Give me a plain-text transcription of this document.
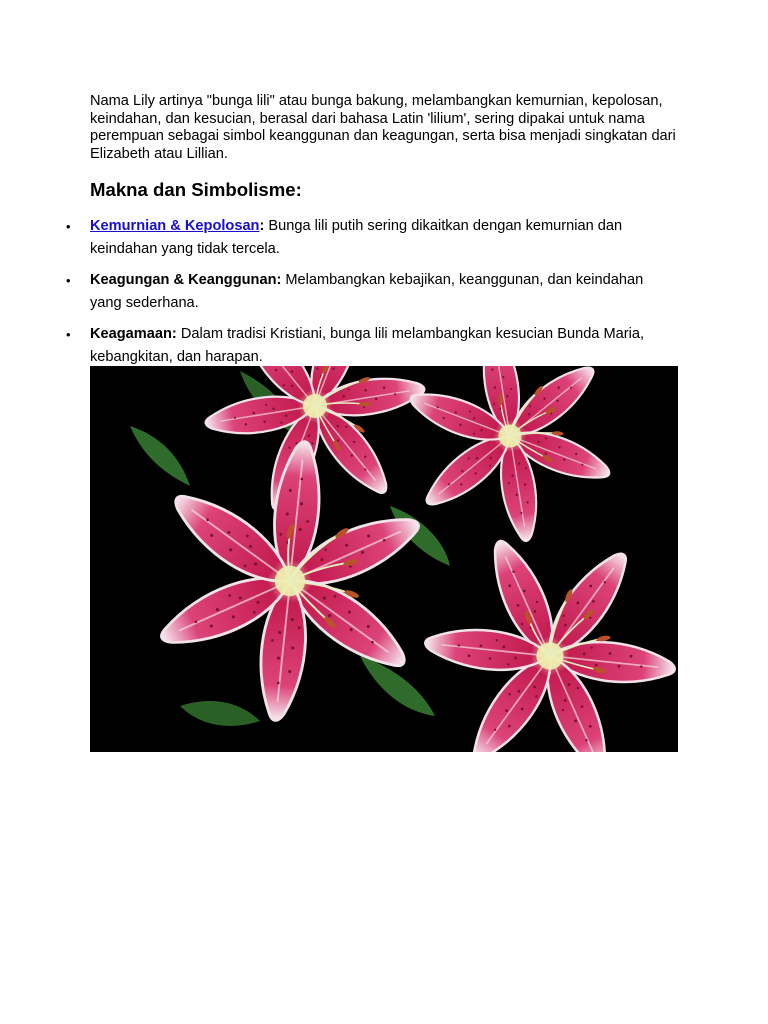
Nama Lily artinya "bunga lili" atau bunga bakung, melambangkan kemurnian, kepolosan, keindahan, dan kesucian, berasal dari bahasa Latin 'lilium', sering dipakai untuk nama perempuan sebagai simbol keanggunan dan keagungan, serta bisa menjadi singkatan dari Elizabeth atau Lillian.

Makna dan Simbolisme:
• Kemurnian & Kepolosan: Bunga lili putih sering dikaitkan dengan kemurnian dan keindahan yang tidak tercela.
• Keagungan & Keanggunan: Melambangkan kebajikan, keanggunan, dan keindahan yang sederhana.
• Keagamaan: Dalam tradisi Kristiani, bunga lili melambangkan kesucian Bunda Maria, kebangkitan, dan harapan.
